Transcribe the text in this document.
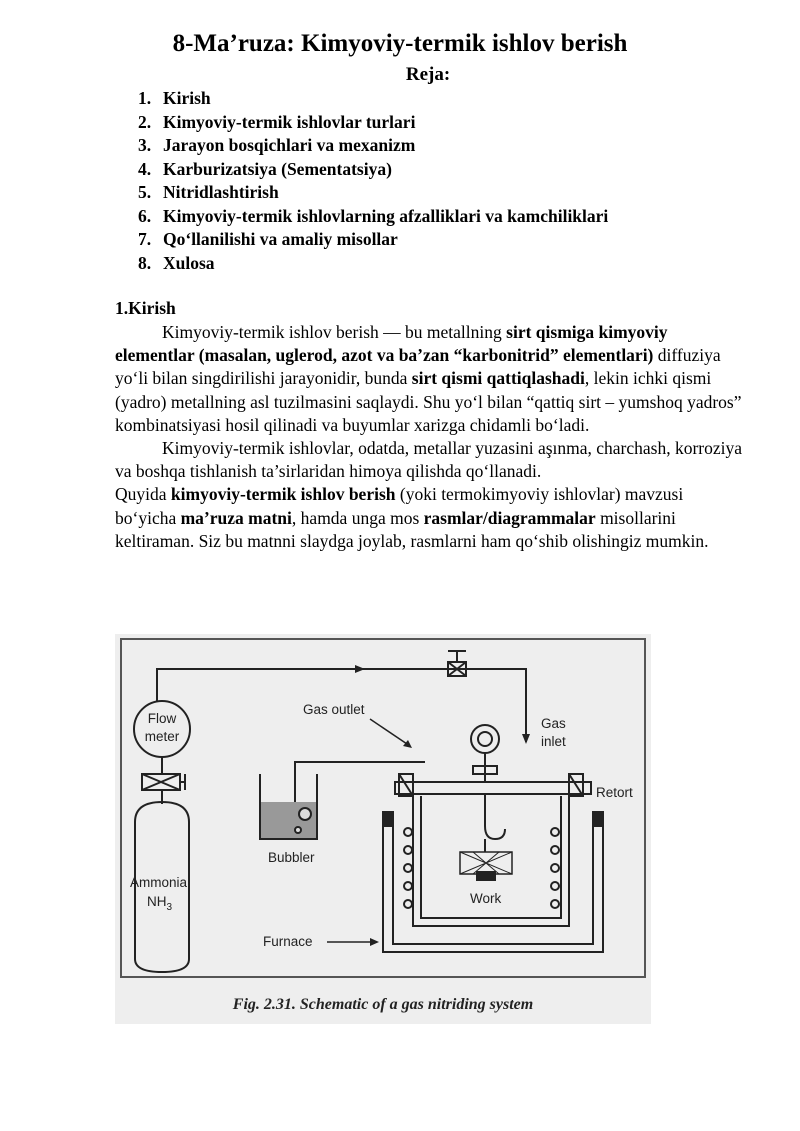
8-Ma’ruza: Kimyoviy-termik ishlov berish
Reja:
1. Kirish
2. Kimyoviy-termik ishlovlar turlari
3. Jarayon bosqichlari va mexanizm
4. Karburizatsiya (Sementatsiya)
5. Nitridlashtirish
6. Kimyoviy-termik ishlovlarning afzalliklari va kamchiliklari
7. Qo‘llanilishi va amaliy misollar
8. Xulosa
1.Kirish

Kimyoviy-termik ishlov berish — bu metallning sirt qismiga kimyoviy elementlar (masalan, uglerod, azot va ba’zan “karbonitrid” elementlari) diffuziya yo‘li bilan singdirilishi jarayonidir, bunda sirt qismi qattiqlashadi, lekin ichki qismi (yadro) metallning asl tuzilmasini saqlaydi. Shu yo‘l bilan “qattiq sirt – yumshoq yadros” kombinatsiyasi hosil qilinadi va buyumlar xarizga chidamli bo‘ladi.

Kimyoviy-termik ishlovlar, odatda, metallar yuzasini aşınma, charchash, korroziya va boshqa tishlanish ta’sirlaridan himoya qilishda qo‘llanadi.

Quyida kimyoviy-termik ishlov berish (yoki termokimyoviy ishlovlar) mavzusi bo‘yicha ma’ruza matni, hamda unga mos rasmlar/diagrammalar misollarini keltiraman. Siz bu matnni slaydga joylab, rasmlarni ham qo‘shib olishingiz mumkin.

Flow
meter
Gas outlet
Gas
inlet
Retort
Bubbler
Ammonia
$NH_3$
Work
Furnace

Fig. 2.31. Schematic of a gas nitriding system
